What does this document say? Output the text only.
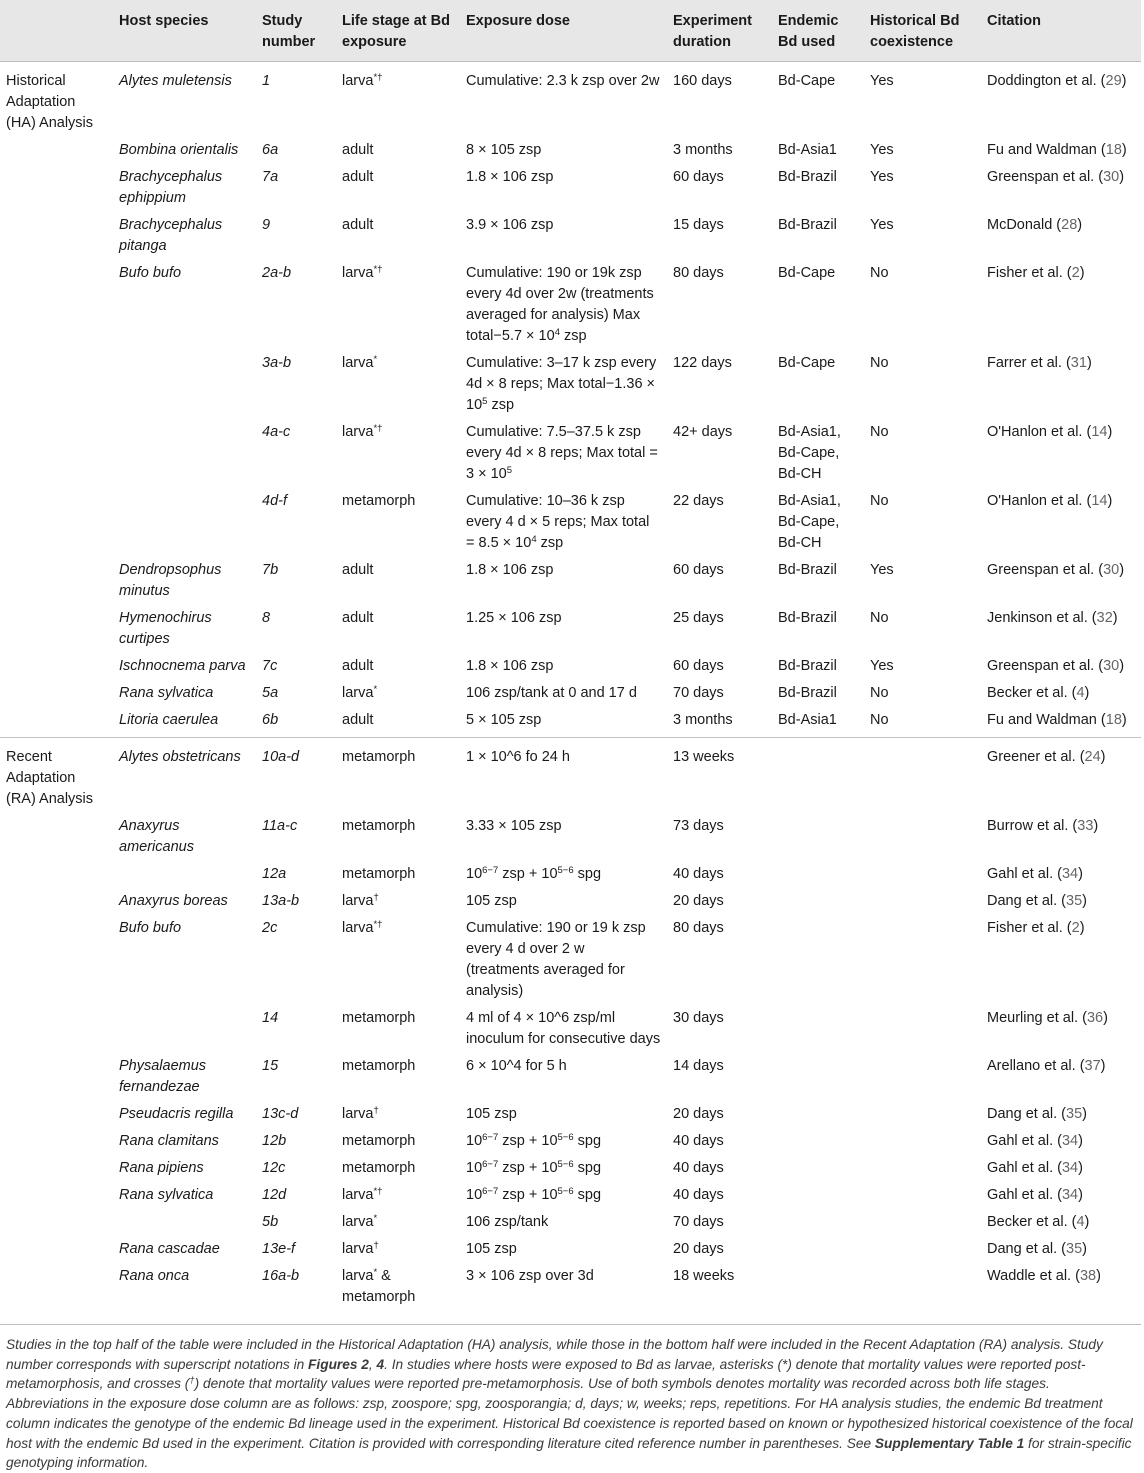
	Host species	Study number	Life stage at Bd exposure	Exposure dose	Experiment duration	Endemic Bd used	Historical Bd coexistence	Citation
Historical Adaptation (HA) Analysis	Alytes muletensis	1	larva*†	Cumulative: 2.3 k zsp over 2w	160 days	Bd-Cape	Yes	Doddington et al. (29)
	Bombina orientalis	6a	adult	8 × 105 zsp	3 months	Bd-Asia1	Yes	Fu and Waldman (18)
	Brachycephalus ephippium	7a	adult	1.8 × 106 zsp	60 days	Bd-Brazil	Yes	Greenspan et al. (30)
	Brachycephalus pitanga	9	adult	3.9 × 106 zsp	15 days	Bd-Brazil	Yes	McDonald (28)
	Bufo bufo	2a-b	larva*†	Cumulative: 190 or 19k zsp every 4d over 2w (treatments averaged for analysis) Max total−5.7 × $10^4$ zsp	80 days	Bd-Cape	No	Fisher et al. (2)
		3a-b	larva*	Cumulative: 3–17 k zsp every 4d × 8 reps; Max total−1.36 × $10^5$ zsp	122 days	Bd-Cape	No	Farrer et al. (31)
		4a-c	larva*†	Cumulative: 7.5–37.5 k zsp every 4d × 8 reps; Max total = $3 \times 10^5$	42+ days	Bd-Asia1, Bd-Cape, Bd-CH	No	O'Hanlon et al. (14)
		4d-f	metamorph	Cumulative: 10–36 k zsp every 4 d × 5 reps; Max total = $8.5 \times 10^4$ zsp	22 days	Bd-Asia1, Bd-Cape, Bd-CH	No	O'Hanlon et al. (14)
	Dendropsophus minutus	7b	adult	1.8 × 106 zsp	60 days	Bd-Brazil	Yes	Greenspan et al. (30)
	Hymenochirus curtipes	8	adult	1.25 × 106 zsp	25 days	Bd-Brazil	No	Jenkinson et al. (32)
	Ischnocnema parva	7c	adult	1.8 × 106 zsp	60 days	Bd-Brazil	Yes	Greenspan et al. (30)
	Rana sylvatica	5a	larva*	106 zsp/tank at 0 and 17 d	70 days	Bd-Brazil	No	Becker et al. (4)
	Litoria caerulea	6b	adult	5 × 105 zsp	3 months	Bd-Asia1	No	Fu and Waldman (18)
Recent Adaptation (RA) Analysis	Alytes obstetricans	10a-d	metamorph	1 × 10^6 fo 24 h	13 weeks			Greener et al. (24)
	Anaxyrus americanus	11a-c	metamorph	3.33 × 105 zsp	73 days			Burrow et al. (33)
		12a	metamorph	$10^{6-7}$ zsp + $10^{5-6}$ spg	40 days			Gahl et al. (34)
	Anaxyrus boreas	13a-b	larva†	105 zsp	20 days			Dang et al. (35)
	Bufo bufo	2c	larva*†	Cumulative: 190 or 19 k zsp every 4 d over 2 w (treatments averaged for analysis)	80 days			Fisher et al. (2)
		14	metamorph	4 ml of 4 × 10^6 zsp/ml inoculum for consecutive days	30 days			Meurling et al. (36)
	Physalaemus fernandezae	15	metamorph	6 × 10^4 for 5 h	14 days			Arellano et al. (37)
	Pseudacris regilla	13c-d	larva†	105 zsp	20 days			Dang et al. (35)
	Rana clamitans	12b	metamorph	$10^{6-7}$ zsp + $10^{5-6}$ spg	40 days			Gahl et al. (34)
	Rana pipiens	12c	metamorph	$10^{6-7}$ zsp + $10^{5-6}$ spg	40 days			Gahl et al. (34)
	Rana sylvatica	12d	larva*†	$10^{6-7}$ zsp + $10^{5-6}$ spg	40 days			Gahl et al. (34)
		5b	larva*	106 zsp/tank	70 days			Becker et al. (4)
	Rana cascadae	13e-f	larva†	105 zsp	20 days			Dang et al. (35)
	Rana onca	16a-b	larva* & metamorph	3 × 106 zsp over 3d	18 weeks			Waddle et al. (38)
Studies in the top half of the table were included in the Historical Adaptation (HA) analysis, while those in the bottom half were included in the Recent Adaptation (RA) analysis. Study number corresponds with superscript notations in Figures 2, 4. In studies where hosts were exposed to Bd as larvae, asterisks (*) denote that mortality values were reported post-metamorphosis, and crosses (†) denote that mortality values were reported pre-metamorphosis. Use of both symbols denotes mortality was recorded across both life stages. Abbreviations in the exposure dose column are as follows: zsp, zoospore; spg, zoosporangia; d, days; w, weeks; reps, repetitions. For HA analysis studies, the endemic Bd treatment column indicates the genotype of the endemic Bd lineage used in the experiment. Historical Bd coexistence is reported based on known or hypothesized historical coexistence of the focal host with the endemic Bd used in the experiment. Citation is provided with corresponding literature cited reference number in parentheses. See Supplementary Table 1 for strain-specific genotyping information.
